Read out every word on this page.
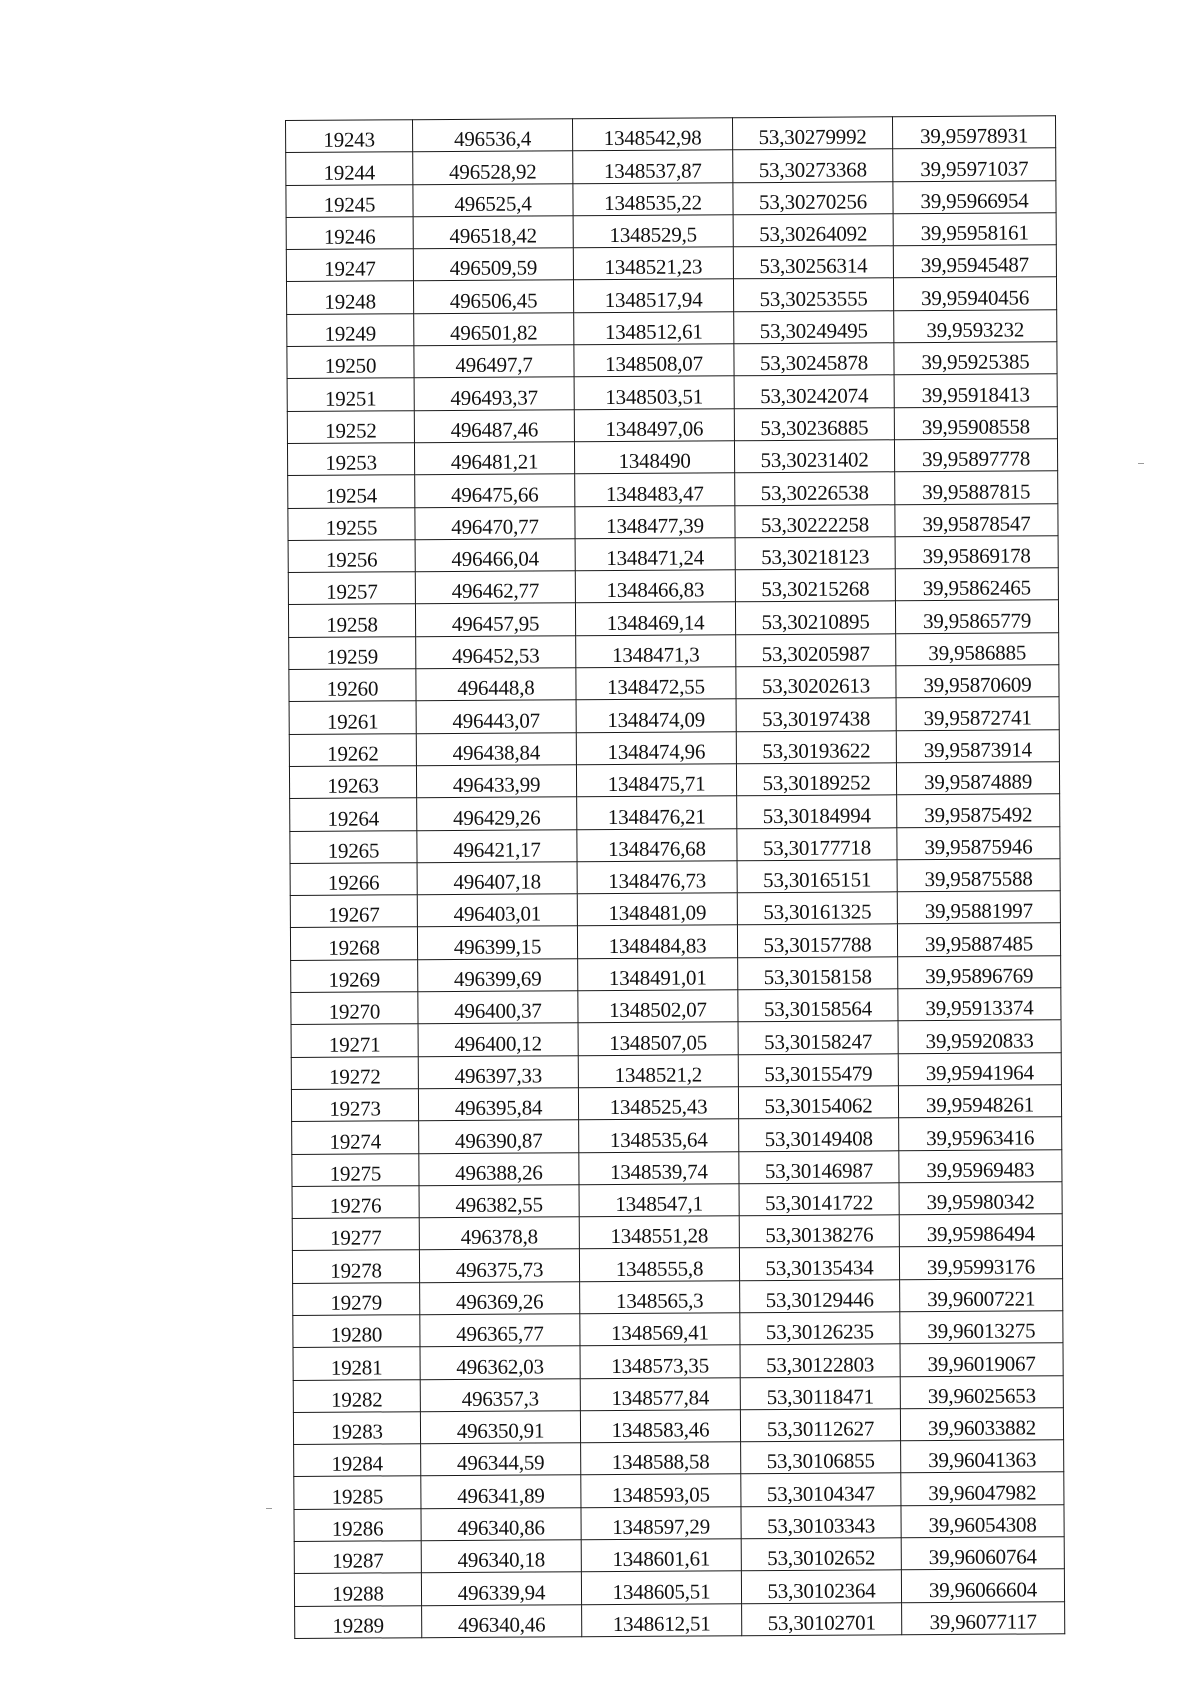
19243	496536,4	1348542,98	53,30279992	39,95978931
19244	496528,92	1348537,87	53,30273368	39,95971037
19245	496525,4	1348535,22	53,30270256	39,95966954
19246	496518,42	1348529,5	53,30264092	39,95958161
19247	496509,59	1348521,23	53,30256314	39,95945487
19248	496506,45	1348517,94	53,30253555	39,95940456
19249	496501,82	1348512,61	53,30249495	39,9593232
19250	496497,7	1348508,07	53,30245878	39,95925385
19251	496493,37	1348503,51	53,30242074	39,95918413
19252	496487,46	1348497,06	53,30236885	39,95908558
19253	496481,21	1348490	53,30231402	39,95897778
19254	496475,66	1348483,47	53,30226538	39,95887815
19255	496470,77	1348477,39	53,30222258	39,95878547
19256	496466,04	1348471,24	53,30218123	39,95869178
19257	496462,77	1348466,83	53,30215268	39,95862465
19258	496457,95	1348469,14	53,30210895	39,95865779
19259	496452,53	1348471,3	53,30205987	39,9586885
19260	496448,8	1348472,55	53,30202613	39,95870609
19261	496443,07	1348474,09	53,30197438	39,95872741
19262	496438,84	1348474,96	53,30193622	39,95873914
19263	496433,99	1348475,71	53,30189252	39,95874889
19264	496429,26	1348476,21	53,30184994	39,95875492
19265	496421,17	1348476,68	53,30177718	39,95875946
19266	496407,18	1348476,73	53,30165151	39,95875588
19267	496403,01	1348481,09	53,30161325	39,95881997
19268	496399,15	1348484,83	53,30157788	39,95887485
19269	496399,69	1348491,01	53,30158158	39,95896769
19270	496400,37	1348502,07	53,30158564	39,95913374
19271	496400,12	1348507,05	53,30158247	39,95920833
19272	496397,33	1348521,2	53,30155479	39,95941964
19273	496395,84	1348525,43	53,30154062	39,95948261
19274	496390,87	1348535,64	53,30149408	39,95963416
19275	496388,26	1348539,74	53,30146987	39,95969483
19276	496382,55	1348547,1	53,30141722	39,95980342
19277	496378,8	1348551,28	53,30138276	39,95986494
19278	496375,73	1348555,8	53,30135434	39,95993176
19279	496369,26	1348565,3	53,30129446	39,96007221
19280	496365,77	1348569,41	53,30126235	39,96013275
19281	496362,03	1348573,35	53,30122803	39,96019067
19282	496357,3	1348577,84	53,30118471	39,96025653
19283	496350,91	1348583,46	53,30112627	39,96033882
19284	496344,59	1348588,58	53,30106855	39,96041363
19285	496341,89	1348593,05	53,30104347	39,96047982
19286	496340,86	1348597,29	53,30103343	39,96054308
19287	496340,18	1348601,61	53,30102652	39,96060764
19288	496339,94	1348605,51	53,30102364	39,96066604
19289	496340,46	1348612,51	53,30102701	39,96077117
